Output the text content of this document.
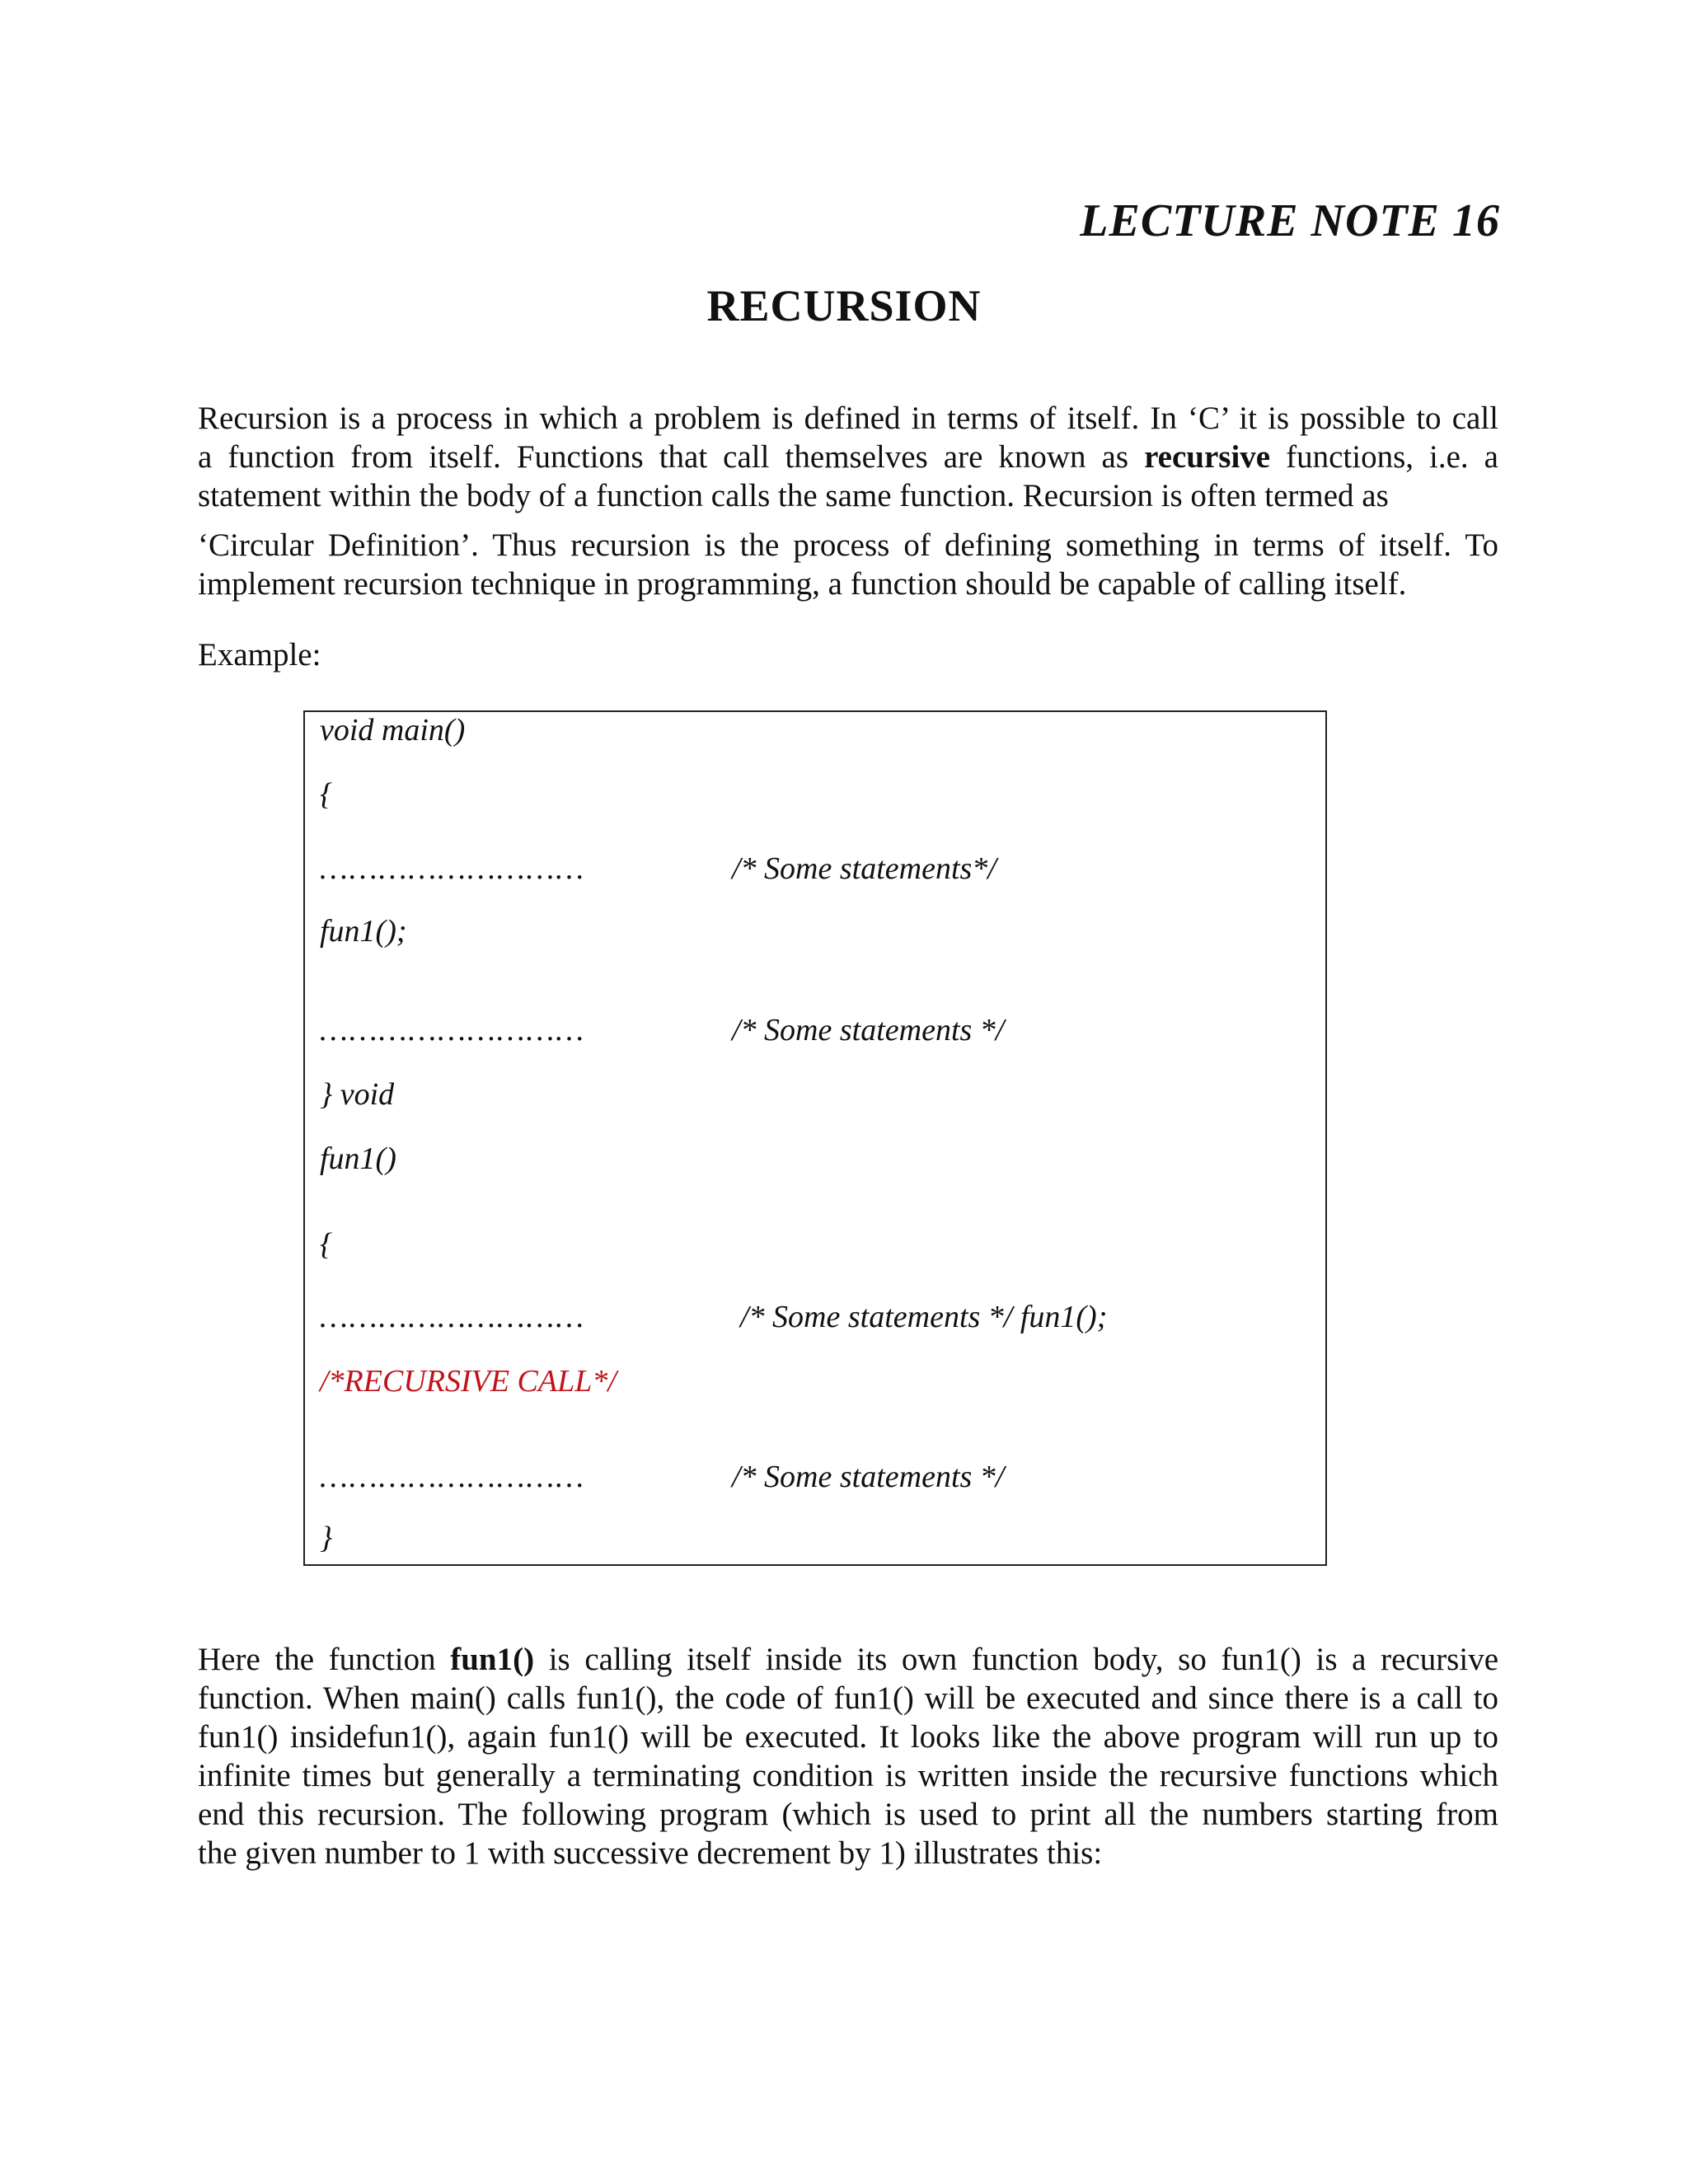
LECTURE NOTE 16
RECURSION
Recursion is a process in which a problem is defined in terms of itself. In ‘C’ it is possible to call
a function from itself. Functions that call themselves are known as recursive functions, i.e. a
statement within the body of a function calls the same function. Recursion is often termed as
‘Circular Definition’. Thus recursion is the process of defining something in terms of itself. To
implement recursion technique in programming, a function should be capable of calling itself.
Example:
void main()
{
………………………	/* Some statements*/
fun1();
………………………	/* Some statements */
} void
fun1()
{
………………………	/* Some statements */ fun1();
/*RECURSIVE CALL*/
………………………	/* Some statements */
}
Here the function fun1() is calling itself inside its own function body, so fun1() is a recursive
function. When main() calls fun1(), the code of fun1() will be executed and since there is a call to
fun1() insidefun1(), again fun1() will be executed. It looks like the above program will run up to
infinite times but generally a terminating condition is written inside the recursive functions which
end this recursion. The following program (which is used to print all the numbers starting from
the given number to 1 with successive decrement by 1) illustrates this:
